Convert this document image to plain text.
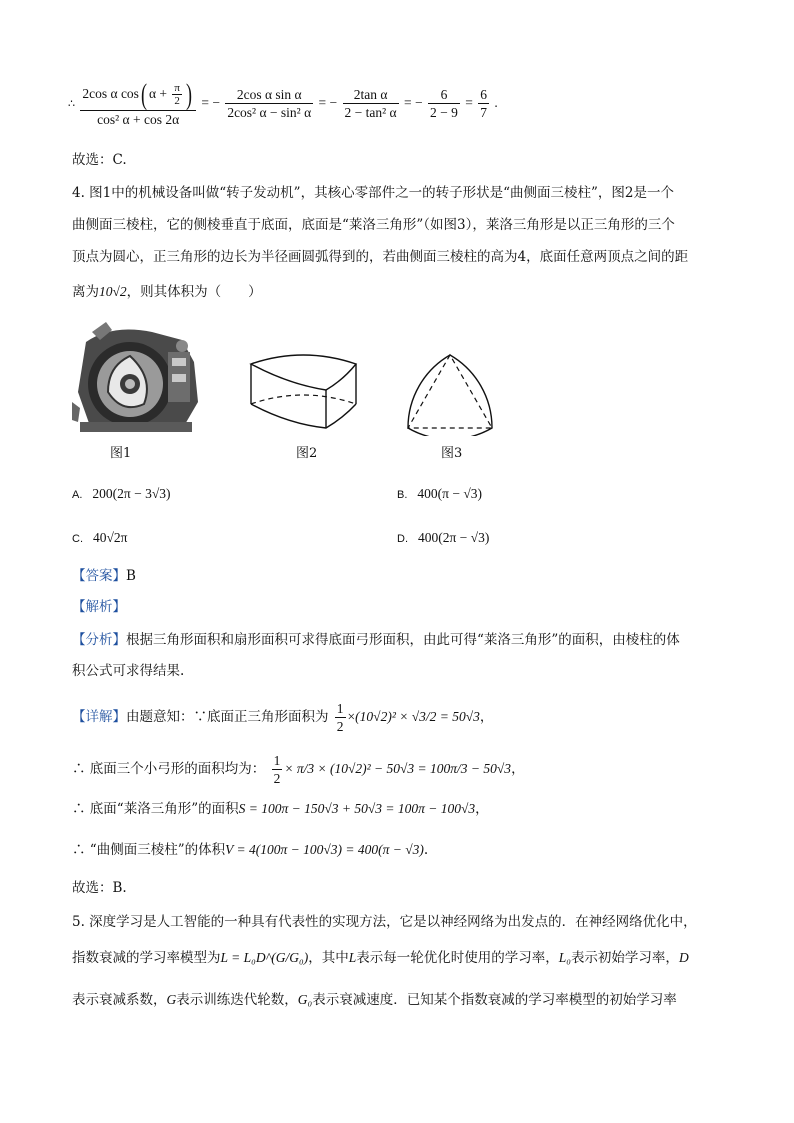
∴ $\frac{2\cos \alpha \cos( \alpha + \frac{\pi}{2} )}{\text{cos² α + cos 2α}}$ = − $\frac{\text{2cos α sin α}}{\text{2cos² α − sin² α}}$ = − $\frac{\text{2tan α}}{\text{2 − tan² α}}$ = − $\frac{6}{2 - 9} = \frac{6}{7}$ .
故选：C.
4. 图1中的机械设备叫做“转子发动机”，其核心零部件之一的转子形状是“曲侧面三棱柱”，图2是一个
曲侧面三棱柱，它的侧棱垂直于底面，底面是“莱洛三角形”（如图3），莱洛三角形是以正三角形的三个
顶点为圆心，正三角形的边长为半径画圆弧得到的，若曲侧面三棱柱的高为4，底面任意两顶点之间的距
离为10√2，则其体积为（　　）
图1	图2	图3
A. 200(2π − 3√3)	B. 400(π − √3)
C. 40√2π	D. 400(2π − √3)
【答案】B
【解析】
【分析】根据三角形面积和扇形面积可求得底面弓形面积，由此可得“莱洛三角形”的面积，由棱柱的体
积公式可求得结果.
【详解】由题意知：∵底面正三角形面积为 $\frac{1}{2} \times(10√2)^2 \times √3/2 = 50√3$，
∴ 底面三个小弓形的面积均为： $\frac{1}{2} \times \pi/3 \times (10√2)^2 - 50√3 = 100\pi/3 - 50√3$，
∴ 底面“莱洛三角形”的面积S = 100π − 150√3 + 50√3 = 100π − 100√3，
∴ “曲侧面三棱柱”的体积V = 4(100π − 100√3) = 400(π − √3).
故选：B.
5. 深度学习是人工智能的一种具有代表性的实现方法，它是以神经网络为出发点的．在神经网络优化中，
指数衰减的学习率模型为L = L₀D^(G/G₀)，其中L表示每一轮优化时使用的学习率，L₀表示初始学习率，D
表示衰减系数，G表示训练迭代轮数，G₀表示衰减速度．已知某个指数衰减的学习率模型的初始学习率
